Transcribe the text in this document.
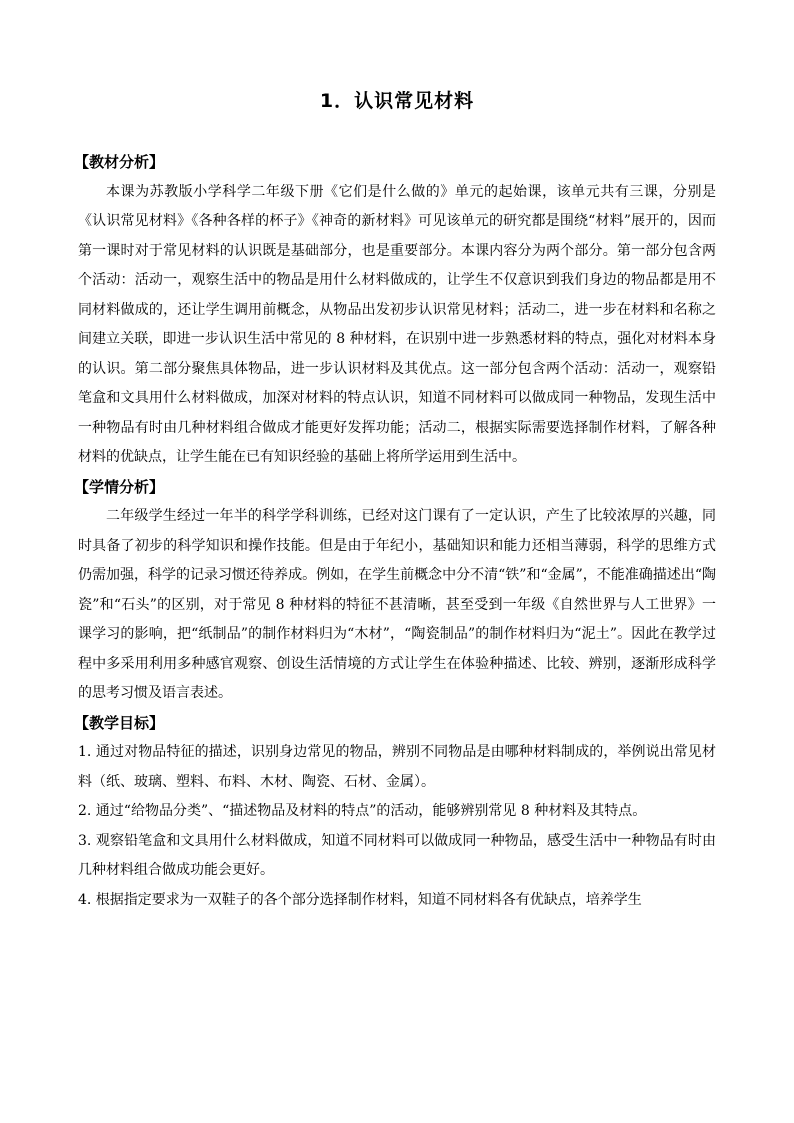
1．认识常见材料

【教材分析】

本课为苏教版小学科学二年级下册《它们是什么做的》单元的起始课，该单元共有三课，分别是《认识常见材料》《各种各样的杯子》《神奇的新材料》可见该单元的研究都是围绕“材料”展开的，因而第一课时对于常见材料的认识既是基础部分，也是重要部分。本课内容分为两个部分。第一部分包含两个活动：活动一，观察生活中的物品是用什么材料做成的，让学生不仅意识到我们身边的物品都是用不同材料做成的，还让学生调用前概念，从物品出发初步认识常见材料；活动二，进一步在材料和名称之间建立关联，即进一步认识生活中常见的 8 种材料，在识别中进一步熟悉材料的特点，强化对材料本身的认识。第二部分聚焦具体物品，进一步认识材料及其优点。这一部分包含两个活动：活动一，观察铅笔盒和文具用什么材料做成，加深对材料的特点认识，知道不同材料可以做成同一种物品，发现生活中一种物品有时由几种材料组合做成才能更好发挥功能；活动二，根据实际需要选择制作材料，了解各种材料的优缺点，让学生能在已有知识经验的基础上将所学运用到生活中。

【学情分析】

二年级学生经过一年半的科学学科训练，已经对这门课有了一定认识，产生了比较浓厚的兴趣，同时具备了初步的科学知识和操作技能。但是由于年纪小，基础知识和能力还相当薄弱，科学的思维方式仍需加强，科学的记录习惯还待养成。例如，在学生前概念中分不清“铁”和“金属”，不能准确描述出“陶瓷”和“石头”的区别，对于常见 8 种材料的特征不甚清晰，甚至受到一年级《自然世界与人工世界》一课学习的影响，把“纸制品”的制作材料归为“木材”，“陶瓷制品”的制作材料归为“泥土”。因此在教学过程中多采用利用多种感官观察、创设生活情境的方式让学生在体验种描述、比较、辨别，逐渐形成科学的思考习惯及语言表述。

【教学目标】

1. 通过对物品特征的描述，识别身边常见的物品，辨别不同物品是由哪种材料制成的，举例说出常见材料（纸、玻璃、塑料、布料、木材、陶瓷、石材、金属）。

2. 通过“给物品分类”、“描述物品及材料的特点”的活动，能够辨别常见 8 种材料及其特点。

3. 观察铅笔盒和文具用什么材料做成，知道不同材料可以做成同一种物品，感受生活中一种物品有时由几种材料组合做成功能会更好。

4. 根据指定要求为一双鞋子的各个部分选择制作材料，知道不同材料各有优缺点，培养学生
